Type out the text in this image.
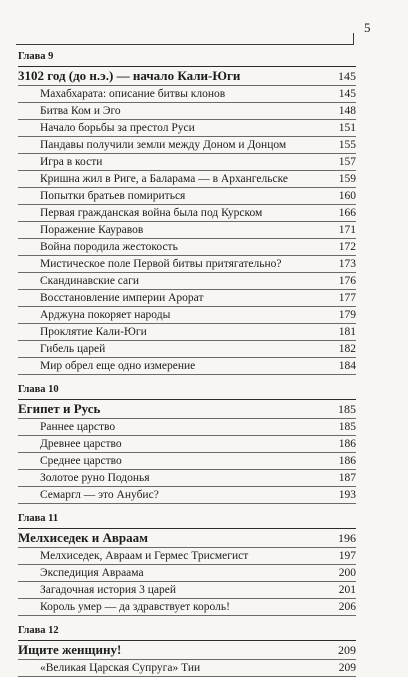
5
Глава 9
3102 год (до н.э.) — начало Кали-Юги	145
Махабхарата: описание битвы клонов	145
Битва Ком и Эго	148
Начало борьбы за престол Руси	151
Пандавы получили земли между Доном и Донцом	155
Игра в кости	157
Кришна жил в Риге, а Баларама — в Архангельске	159
Попытки братьев помириться	160
Первая гражданская война была под Курском	166
Поражение Кауравов	171
Война породила жестокость	172
Мистическое поле Первой битвы притягательно?	173
Скандинавские саги	176
Восстановление империи Арорат	177
Арджуна покоряет народы	179
Проклятие Кали-Юги	181
Гибель царей	182
Мир обрел еще одно измерение	184
Глава 10
Египет и Русь	185
Раннее царство	185
Древнее царство	186
Среднее царство	186
Золотое руно Подонья	187
Семаргл — это Анубис?	193
Глава 11
Мелхиседек и Авраам	196
Мелхиседек, Авраам и Гермес Трисмегист	197
Экспедиция Авраама	200
Загадочная история 3 царей	201
Король умер — да здравствует король!	206
Глава 12
Ищите женщину!	209
«Великая Царская Супруга» Тии	209
